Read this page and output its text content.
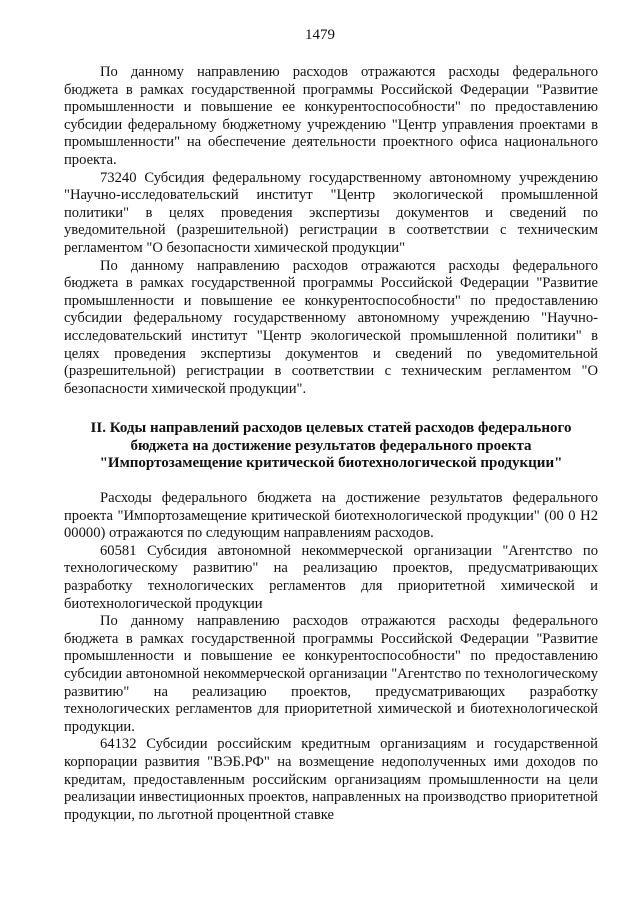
1479

По данному направлению расходов отражаются расходы федерального бюджета в рамках государственной программы Российской Федерации "Развитие промышленности и повышение ее конкурентоспособности" по предоставлению субсидии федеральному бюджетному учреждению "Центр управления проектами в промышленности" на обеспечение деятельности проектного офиса национального проекта.

73240 Субсидия федеральному государственному автономному учреждению "Научно-исследовательский институт "Центр экологической промышленной политики" в целях проведения экспертизы документов и сведений по уведомительной (разрешительной) регистрации в соответствии с техническим регламентом "О безопасности химической продукции"

По данному направлению расходов отражаются расходы федерального бюджета в рамках государственной программы Российской Федерации "Развитие промышленности и повышение ее конкурентоспособности" по предоставлению субсидии федеральному государственному автономному учреждению "Научно-исследовательский институт "Центр экологической промышленной политики" в целях проведения экспертизы документов и сведений по уведомительной (разрешительной) регистрации в соответствии с техническим регламентом "О безопасности химической продукции".

II. Коды направлений расходов целевых статей расходов федерального бюджета на достижение результатов федерального проекта "Импортозамещение критической биотехнологической продукции"

Расходы федерального бюджета на достижение результатов федерального проекта "Импортозамещение критической биотехнологической продукции" (00 0 Н2 00000) отражаются по следующим направлениям расходов.

60581 Субсидия автономной некоммерческой организации "Агентство по технологическому развитию" на реализацию проектов, предусматривающих разработку технологических регламентов для приоритетной химической и биотехнологической продукции

По данному направлению расходов отражаются расходы федерального бюджета в рамках государственной программы Российской Федерации "Развитие промышленности и повышение ее конкурентоспособности" по предоставлению субсидии автономной некоммерческой организации "Агентство по технологическому развитию" на реализацию проектов, предусматривающих разработку технологических регламентов для приоритетной химической и биотехнологической продукции.

64132 Субсидии российским кредитным организациям и государственной корпорации развития "ВЭБ.РФ" на возмещение недополученных ими доходов по кредитам, предоставленным российским организациям промышленности на цели реализации инвестиционных проектов, направленных на производство приоритетной продукции, по льготной процентной ставке
